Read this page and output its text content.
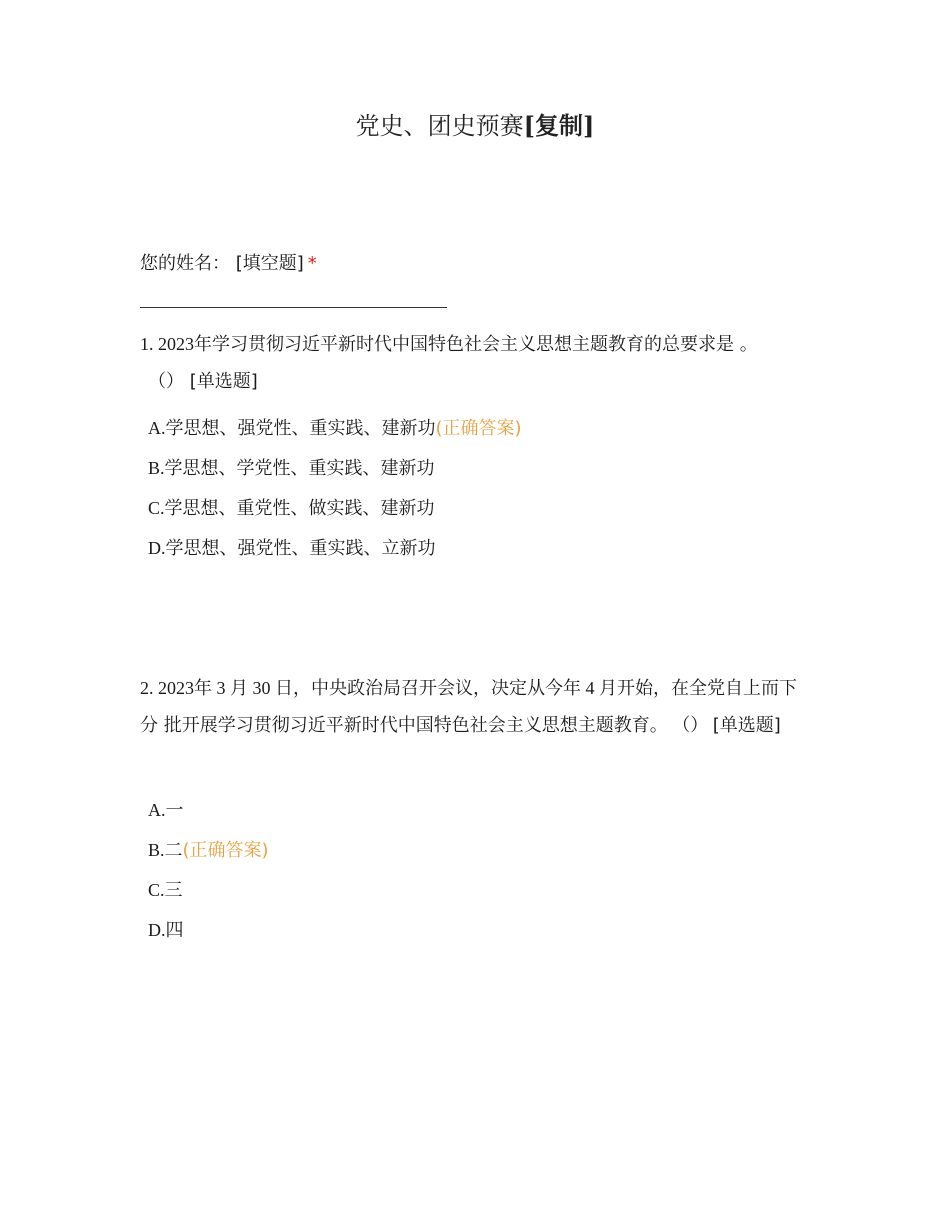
党史、团史预赛[复制]
您的姓名： [填空题] *
1. 2023年学习贯彻习近平新时代中国特色社会主义思想主题教育的总要求是 。
（） [单选题]
A.学思想、强党性、重实践、建新功(正确答案)
B.学思想、学党性、重实践、建新功
C.学思想、重党性、做实践、建新功
D.学思想、强党性、重实践、立新功
2. 2023年 3 月 30 日，中央政治局召开会议，决定从今年 4 月开始，在全党自上而下分 批开展学习贯彻习近平新时代中国特色社会主义思想主题教育。 （） [单选题]
A.一
B.二(正确答案)
C.三
D.四
